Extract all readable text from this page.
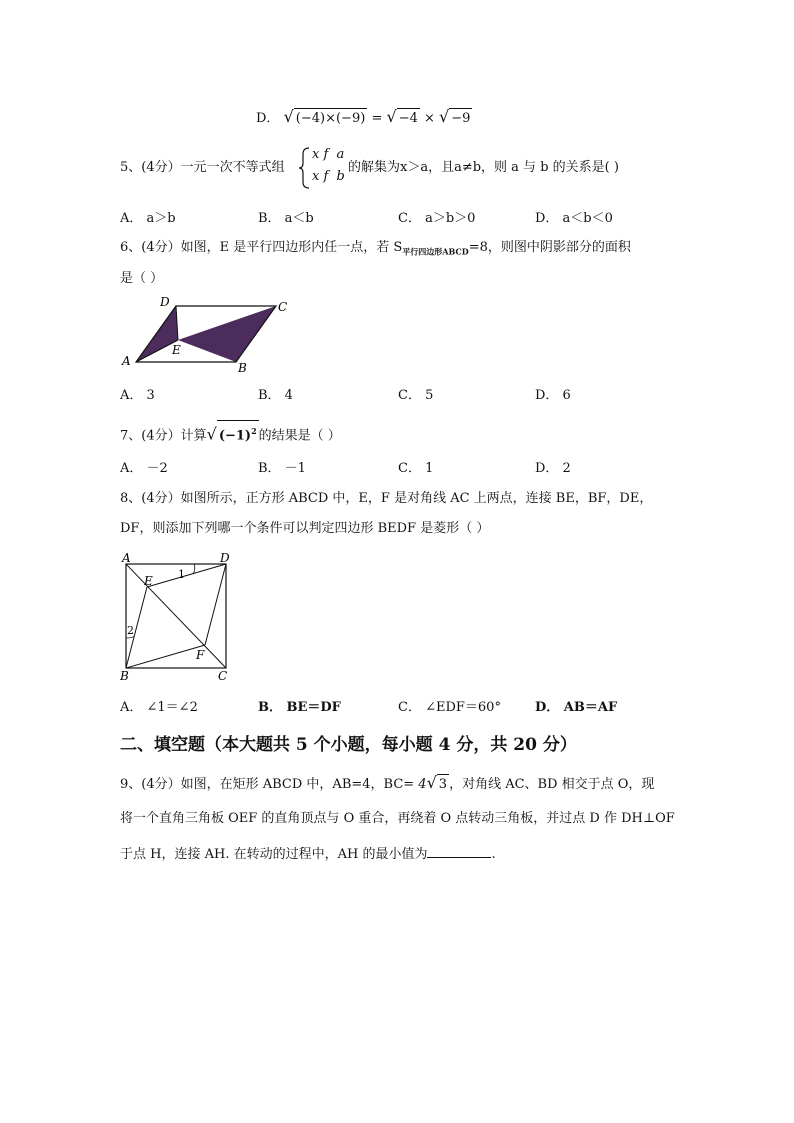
D． √ (−4)×(−9) = √ −4 × √ −9
5、(4分）一元一次不等式组
x f  a
x f  b
的解集为x＞a，且a≠b，则 a 与 b 的关系是( )
A． a＞b	B． a＜b	C． a＞b＞0	D． a＜b＜0
6、(4分）如图，E 是平行四边形内任一点，若 $S_{平行四边形ABCD}=8$，则图中阴影部分的面积
是（ ）
A	B
C
D
E
A． 3	B． 4	C． 5	D． 6
7、(4分）计算√ $(-1)^2$ 的结果是（ ）
A． －2	B． －1	C． 1	D． 2
8、(4分）如图所示，正方形 ABCD 中，E，F 是对角线 AC 上两点，连接 BE，BF，DE，
DF，则添加下列哪一个条件可以判定四边形 BEDF 是菱形（ ）
A	D
B	C
E
F
1
2
A． ∠1＝∠2	B． BE＝DF	C． ∠EDF＝60°	D． AB＝AF
二、填空题（本大题共 5 个小题，每小题 4 分，共 20 分）
9、(4分）如图，在矩形 ABCD 中，AB=4，BC= 4√ 3 ，对角线 AC、BD 相交于点 O，现
将一个直角三角板 OEF 的直角顶点与 O 重合，再绕着 O 点转动三角板，并过点 D 作 DH⊥OF
于点 H，连接 AH. 在转动的过程中，AH 的最小值为	.
